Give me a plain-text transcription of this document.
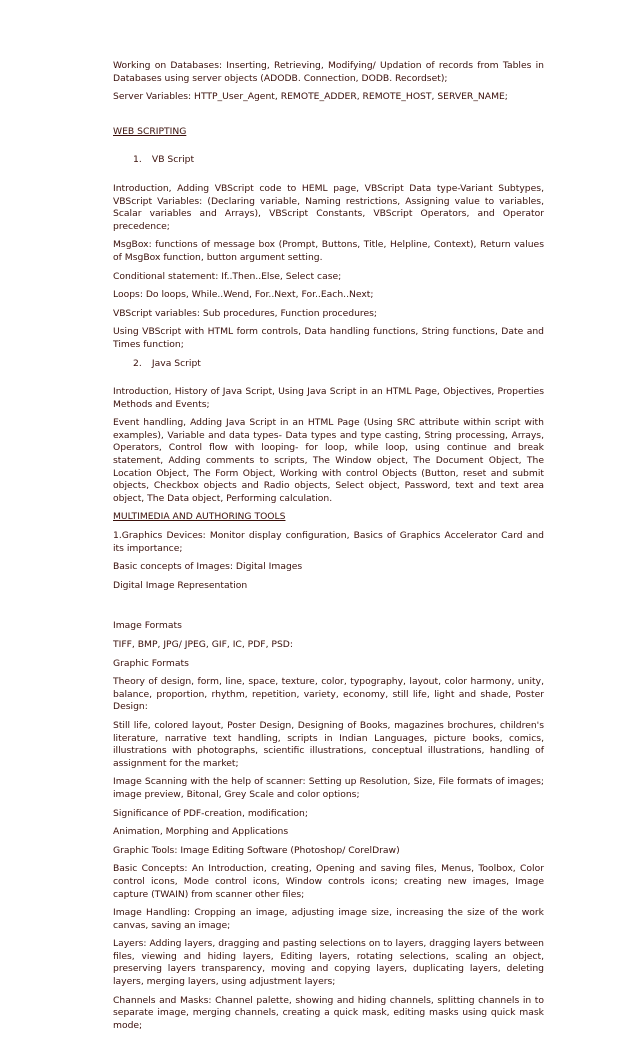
Working on Databases: Inserting, Retrieving, Modifying/ Updation of records from Tables in Databases using server objects (ADODB. Connection, DODB. Recordset);

Server Variables: HTTP_User_Agent, REMOTE_ADDER, REMOTE_HOST, SERVER_NAME;

WEB SCRIPTING

1. VB Script

Introduction, Adding VBScript code to HEML page, VBScript Data type-Variant Subtypes, VBScript Variables: (Declaring variable, Naming restrictions, Assigning value to variables, Scalar variables and Arrays), VBScript Constants, VBScript Operators, and Operator precedence;

MsgBox: functions of message box (Prompt, Buttons, Title, Helpline, Context), Return values of MsgBox function, button argument setting.

Conditional statement: If..Then..Else, Select case;

Loops: Do loops, While..Wend, For..Next, For..Each..Next;

VBScript variables: Sub procedures, Function procedures;

Using VBScript with HTML form controls, Data handling functions, String functions, Date and Times function;

2. Java Script

Introduction, History of Java Script, Using Java Script in an HTML Page, Objectives, Properties Methods and Events;

Event handling, Adding Java Script in an HTML Page (Using SRC attribute within script with examples), Variable and data types- Data types and type casting, String processing, Arrays, Operators, Control flow with looping- for loop, while loop, using continue and break statement, Adding comments to scripts, The Window object, The Document Object, The Location Object, The Form Object, Working with control Objects (Button, reset and submit objects, Checkbox objects and Radio objects, Select object, Password, text and text area object, The Data object, Performing calculation.

MULTIMEDIA AND AUTHORING TOOLS

1.Graphics Devices: Monitor display configuration, Basics of Graphics Accelerator Card and its importance;

Basic concepts of Images: Digital Images

Digital Image Representation

Image Formats

TIFF, BMP, JPG/ JPEG, GIF, IC, PDF, PSD:

Graphic Formats

Theory of design, form, line, space, texture, color, typography, layout, color harmony, unity, balance, proportion, rhythm, repetition, variety, economy, still life, light and shade, Poster Design:

Still life, colored layout, Poster Design, Designing of Books, magazines brochures, children's literature, narrative text handling, scripts in Indian Languages, picture books, comics, illustrations with photographs, scientific illustrations, conceptual illustrations, handling of assignment for the market;

Image Scanning with the help of scanner: Setting up Resolution, Size, File formats of images; image preview, Bitonal, Grey Scale and color options;

Significance of PDF-creation, modification;

Animation, Morphing and Applications

Graphic Tools: Image Editing Software (Photoshop/ CorelDraw)

Basic Concepts: An Introduction, creating, Opening and saving files, Menus, Toolbox, Color control icons, Mode control icons, Window controls icons; creating new images, Image capture (TWAIN) from scanner other files;

Image Handling: Cropping an image, adjusting image size, increasing the size of the work canvas, saving an image;

Layers: Adding layers, dragging and pasting selections on to layers, dragging layers between files, viewing and hiding layers, Editing layers, rotating selections, scaling an object, preserving layers transparency, moving and copying layers, duplicating layers, deleting layers, merging layers, using adjustment layers;

Channels and Masks: Channel palette, showing and hiding channels, splitting channels in to separate image, merging channels, creating a quick mask, editing masks using quick mask mode;
